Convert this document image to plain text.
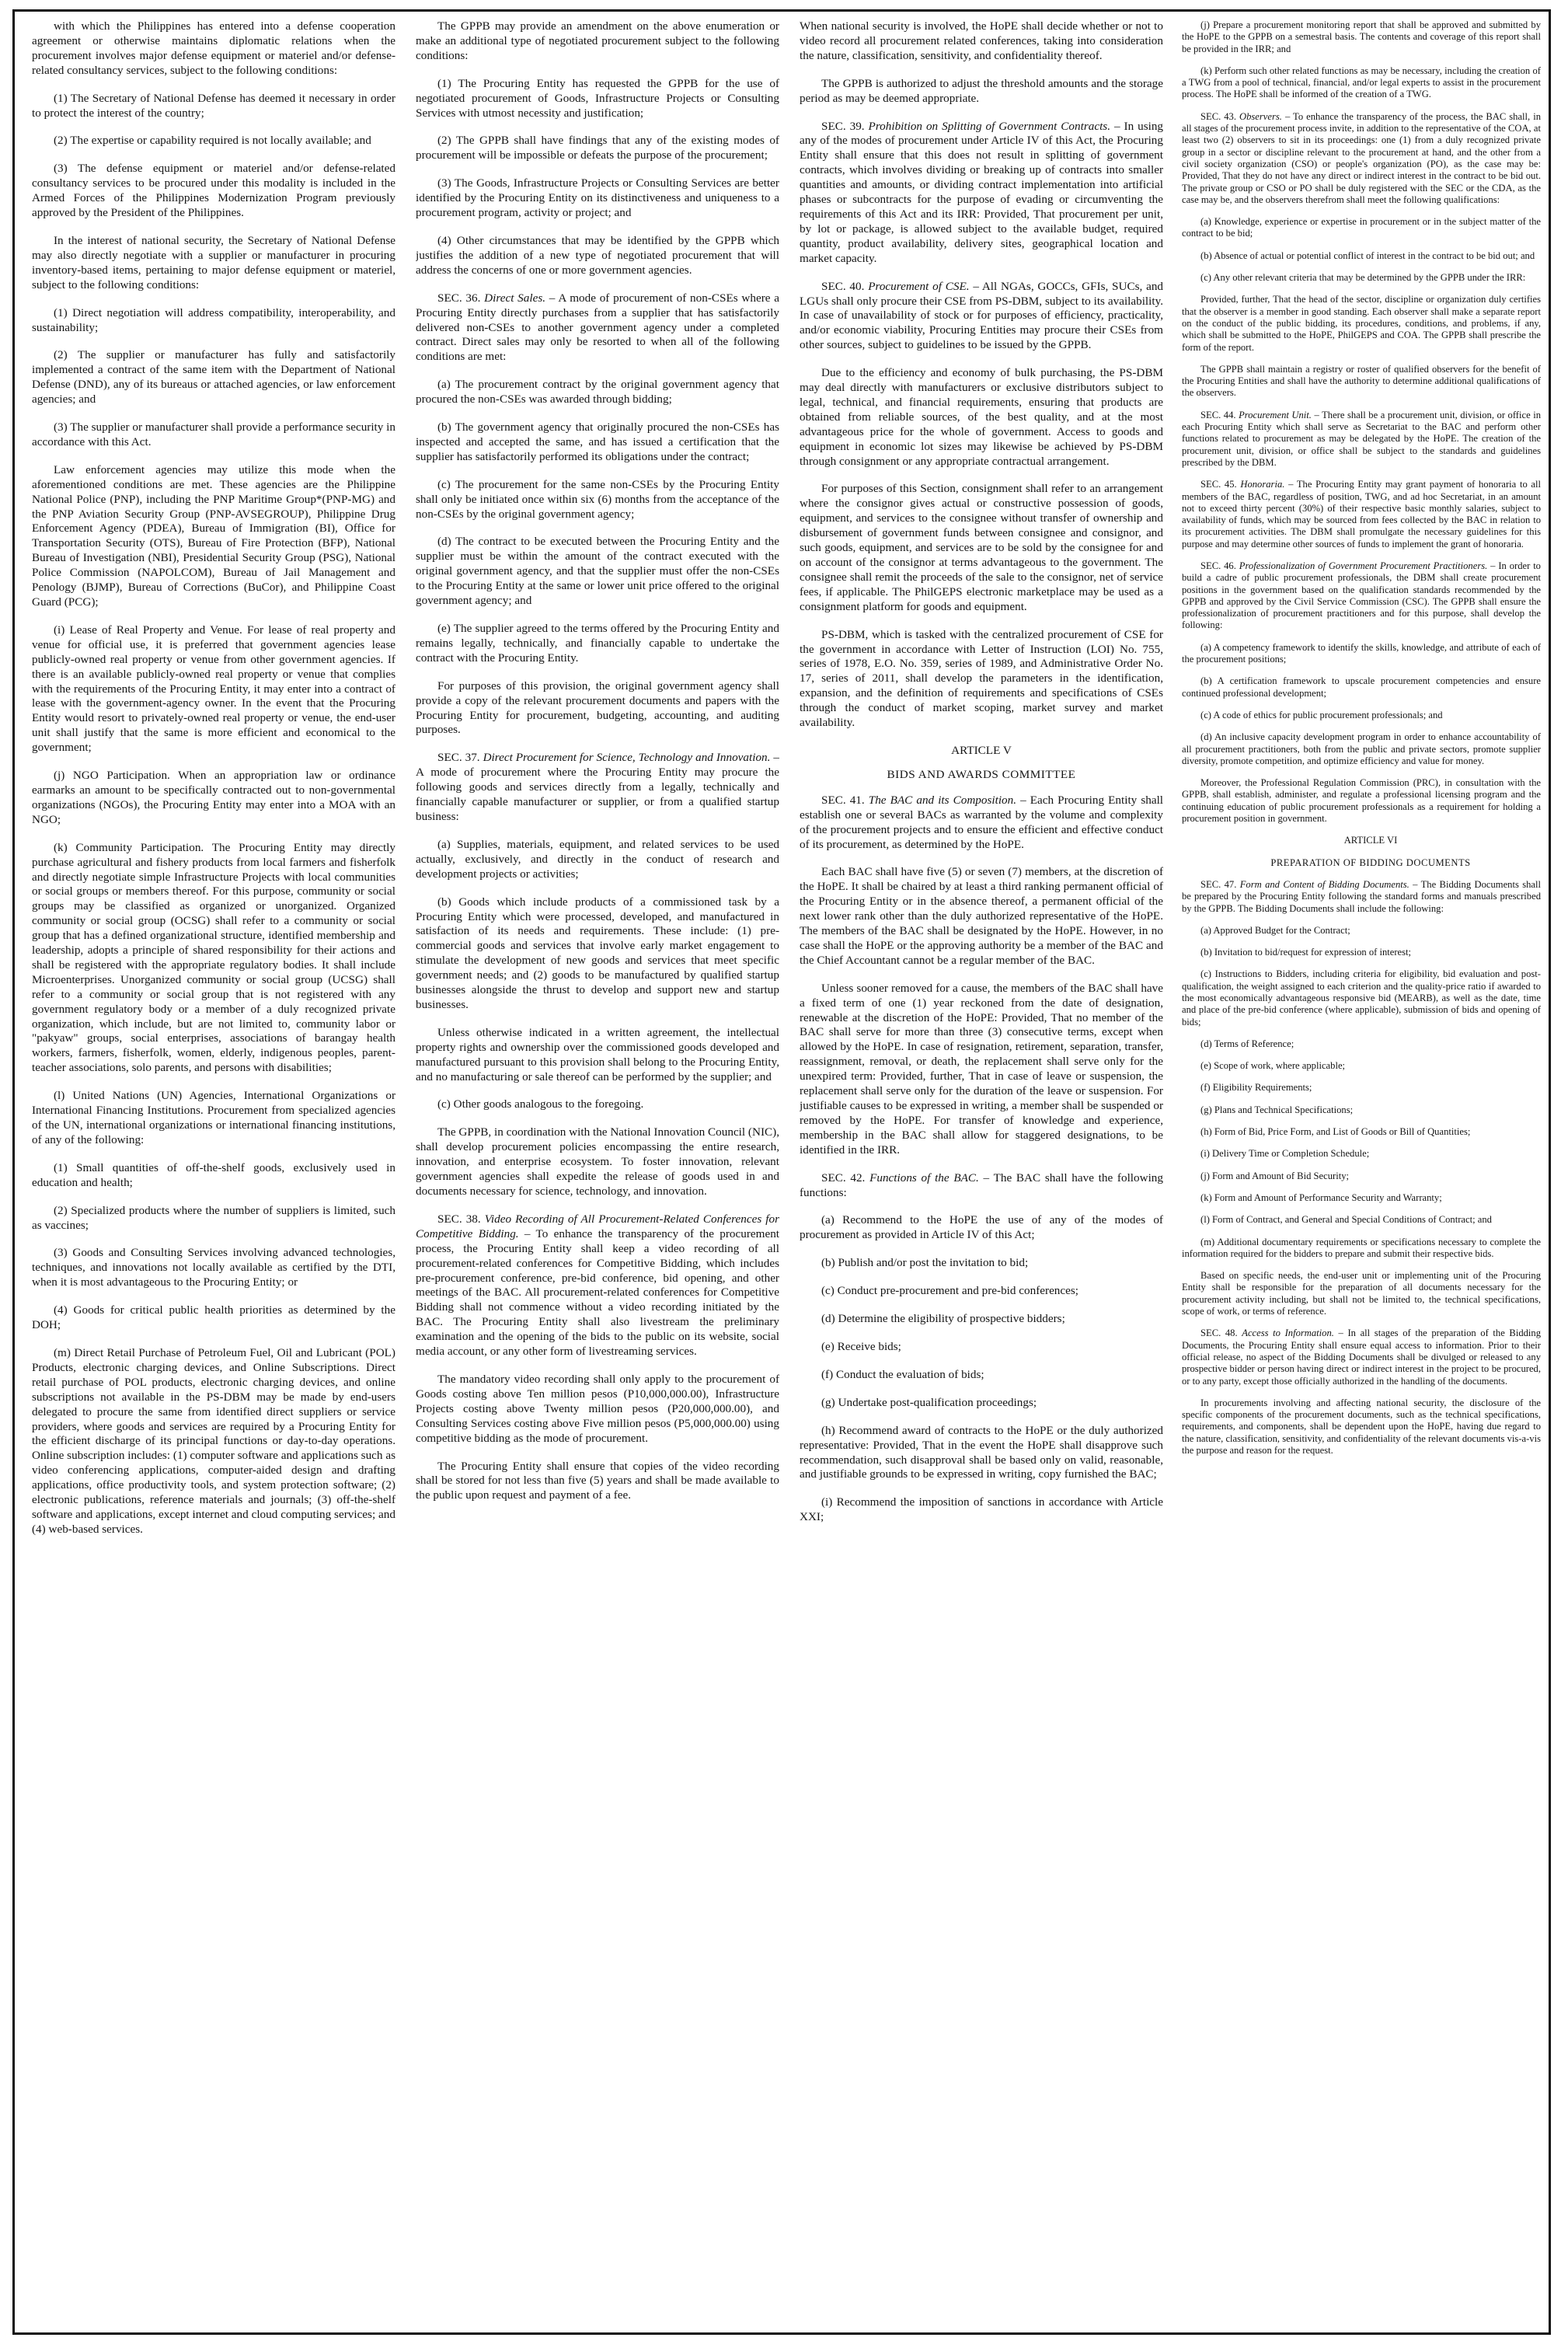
with which the Philippines has entered into a defense cooperation agreement or otherwise maintains diplomatic relations when the procurement involves major defense equipment or materiel and/or defense-related consultancy services, subject to the following conditions:

(1) The Secretary of National Defense has deemed it necessary in order to protect the interest of the country;

(2) The expertise or capability required is not locally available; and

(3) The defense equipment or materiel and/or defense-related consultancy services to be procured under this modality is included in the Armed Forces of the Philippines Modernization Program previously approved by the President of the Philippines.

In the interest of national security, the Secretary of National Defense may also directly negotiate with a supplier or manufacturer in procuring inventory-based items, pertaining to major defense equipment or materiel, subject to the following conditions:

(1) Direct negotiation will address compatibility, interoperability, and sustainability;

(2) The supplier or manufacturer has fully and satisfactorily implemented a contract of the same item with the Department of National Defense (DND), any of its bureaus or attached agencies, or law enforcement agencies; and

(3) The supplier or manufacturer shall provide a performance security in accordance with this Act.

Law enforcement agencies may utilize this mode when the aforementioned conditions are met. These agencies are the Philippine National Police (PNP), including the PNP Maritime Group*(PNP-MG) and the PNP Aviation Security Group (PNP-AVSEGROUP), Philippine Drug Enforcement Agency (PDEA), Bureau of Immigration (BI), Office for Transportation Security (OTS), Bureau of Fire Protection (BFP), National Bureau of Investigation (NBI), Presidential Security Group (PSG), National Police Commission (NAPOLCOM), Bureau of Jail Management and Penology (BJMP), Bureau of Corrections (BuCor), and Philippine Coast Guard (PCG);

(i) Lease of Real Property and Venue. For lease of real property and venue for official use, it is preferred that government agencies lease publicly-owned real property or venue from other government agencies. If there is an available publicly-owned real property or venue that complies with the requirements of the Procuring Entity, it may enter into a contract of lease with the government-agency owner. In the event that the Procuring Entity would resort to privately-owned real property or venue, the end-user unit shall justify that the same is more efficient and economical to the government;

(j) NGO Participation. When an appropriation law or ordinance earmarks an amount to be specifically contracted out to non-governmental organizations (NGOs), the Procuring Entity may enter into a MOA with an NGO;

(k) Community Participation. The Procuring Entity may directly purchase agricultural and fishery products from local farmers and fisherfolk and directly negotiate simple Infrastructure Projects with local communities or social groups or members thereof. For this purpose, community or social groups may be classified as organized or unorganized. Organized community or social group (OCSG) shall refer to a community or social group that has a defined organizational structure, identified membership and leadership, adopts a principle of shared responsibility for their actions and shall be registered with the appropriate regulatory bodies. It shall include Microenterprises. Unorganized community or social group (UCSG) shall refer to a community or social group that is not registered with any government regulatory body or a member of a duly recognized private organization, which include, but are not limited to, community labor or "pakyaw" groups, social enterprises, associations of barangay health workers, farmers, fisherfolk, women, elderly, indigenous peoples, parent-teacher associations, solo parents, and persons with disabilities;

(l) United Nations (UN) Agencies, International Organizations or International Financing Institutions. Procurement from specialized agencies of the UN, international organizations or international financing institutions, of any of the following:

(1) Small quantities of off-the-shelf goods, exclusively used in education and health;

(2) Specialized products where the number of suppliers is limited, such as vaccines;

(3) Goods and Consulting Services involving advanced technologies, techniques, and innovations not locally available as certified by the DTI, when it is most advantageous to the Procuring Entity; or

(4) Goods for critical public health priorities as determined by the DOH;

(m) Direct Retail Purchase of Petroleum Fuel, Oil and Lubricant (POL) Products, electronic charging devices, and Online Subscriptions. Direct retail purchase of POL products, electronic charging devices, and online subscriptions not available in the PS-DBM may be made by end-users delegated to procure the same from identified direct suppliers or service providers, where goods and services are required by a Procuring Entity for the efficient discharge of its principal functions or day-to-day operations. Online subscription includes: (1) computer software and applications such as video conferencing applications, computer-aided design and drafting applications, office productivity tools, and system protection software; (2) electronic publications, reference materials and journals; (3) off-the-shelf software and applications, except internet and cloud computing services; and (4) web-based services.

The GPPB may provide an amendment on the above enumeration or make an additional type of negotiated procurement subject to the following conditions:

(1) The Procuring Entity has requested the GPPB for the use of negotiated procurement of Goods, Infrastructure Projects or Consulting Services with utmost necessity and justification;

(2) The GPPB shall have findings that any of the existing modes of procurement will be impossible or defeats the purpose of the procurement;

(3) The Goods, Infrastructure Projects or Consulting Services are better identified by the Procuring Entity on its distinctiveness and uniqueness to a procurement program, activity or project; and

(4) Other circumstances that may be identified by the GPPB which justifies the addition of a new type of negotiated procurement that will address the concerns of one or more government agencies.

SEC. 36. Direct Sales. – A mode of procurement of non-CSEs where a Procuring Entity directly purchases from a supplier that has satisfactorily delivered non-CSEs to another government agency under a completed contract. Direct sales may only be resorted to when all of the following conditions are met:

(a) The procurement contract by the original government agency that procured the non-CSEs was awarded through bidding;

(b) The government agency that originally procured the non-CSEs has inspected and accepted the same, and has issued a certification that the supplier has satisfactorily performed its obligations under the contract;

(c) The procurement for the same non-CSEs by the Procuring Entity shall only be initiated once within six (6) months from the acceptance of the non-CSEs by the original government agency;

(d) The contract to be executed between the Procuring Entity and the supplier must be within the amount of the contract executed with the original government agency, and that the supplier must offer the non-CSEs to the Procuring Entity at the same or lower unit price offered to the original government agency; and

(e) The supplier agreed to the terms offered by the Procuring Entity and remains legally, technically, and financially capable to undertake the contract with the Procuring Entity.

For purposes of this provision, the original government agency shall provide a copy of the relevant procurement documents and papers with the Procuring Entity for procurement, budgeting, accounting, and auditing purposes.

SEC. 37. Direct Procurement for Science, Technology and Innovation. – A mode of procurement where the Procuring Entity may procure the following goods and services directly from a legally, technically and financially capable manufacturer or supplier, or from a qualified startup business:

(a) Supplies, materials, equipment, and related services to be used actually, exclusively, and directly in the conduct of research and development projects or activities;

(b) Goods which include products of a commissioned task by a Procuring Entity which were processed, developed, and manufactured in satisfaction of its needs and requirements. These include: (1) pre-commercial goods and services that involve early market engagement to stimulate the development of new goods and services that meet specific government needs; and (2) goods to be manufactured by qualified startup businesses alongside the thrust to develop and support new and startup businesses.

Unless otherwise indicated in a written agreement, the intellectual property rights and ownership over the commissioned goods developed and manufactured pursuant to this provision shall belong to the Procuring Entity, and no manufacturing or sale thereof can be performed by the supplier; and

(c) Other goods analogous to the foregoing.

The GPPB, in coordination with the National Innovation Council (NIC), shall develop procurement policies encompassing the entire research, innovation, and enterprise ecosystem. To foster innovation, relevant government agencies shall expedite the release of goods used in and documents necessary for science, technology, and innovation.

SEC. 38. Video Recording of All Procurement-Related Conferences for Competitive Bidding. – To enhance the transparency of the procurement process, the Procuring Entity shall keep a video recording of all procurement-related conferences for Competitive Bidding, which includes pre-procurement conference, pre-bid conference, bid opening, and other meetings of the BAC. All procurement-related conferences for Competitive Bidding shall not commence without a video recording initiated by the BAC. The Procuring Entity shall also livestream the preliminary examination and the opening of the bids to the public on its website, social media account, or any other form of livestreaming services.

The mandatory video recording shall only apply to the procurement of Goods costing above Ten million pesos (P10,000,000.00), Infrastructure Projects costing above Twenty million pesos (P20,000,000.00), and Consulting Services costing above Five million pesos (P5,000,000.00) using competitive bidding as the mode of procurement.

The Procuring Entity shall ensure that copies of the video recording shall be stored for not less than five (5) years and shall be made available to the public upon request and payment of a fee.

When national security is involved, the HoPE shall decide whether or not to video record all procurement related conferences, taking into consideration the nature, classification, sensitivity, and confidentiality thereof.

The GPPB is authorized to adjust the threshold amounts and the storage period as may be deemed appropriate.

SEC. 39. Prohibition on Splitting of Government Contracts. – In using any of the modes of procurement under Article IV of this Act, the Procuring Entity shall ensure that this does not result in splitting of government contracts, which involves dividing or breaking up of contracts into smaller quantities and amounts, or dividing contract implementation into artificial phases or subcontracts for the purpose of evading or circumventing the requirements of this Act and its IRR: Provided, That procurement per unit, by lot or package, is allowed subject to the available budget, required quantity, product availability, delivery sites, geographical location and market capacity.

SEC. 40. Procurement of CSE. – All NGAs, GOCCs, GFIs, SUCs, and LGUs shall only procure their CSE from PS-DBM, subject to its availability. In case of unavailability of stock or for purposes of efficiency, practicality, and/or economic viability, Procuring Entities may procure their CSEs from other sources, subject to guidelines to be issued by the GPPB.

Due to the efficiency and economy of bulk purchasing, the PS-DBM may deal directly with manufacturers or exclusive distributors subject to legal, technical, and financial requirements, ensuring that products are obtained from reliable sources, of the best quality, and at the most advantageous price for the whole of government. Access to goods and equipment in economic lot sizes may likewise be achieved by PS-DBM through consignment or any appropriate contractual arrangement.

For purposes of this Section, consignment shall refer to an arrangement where the consignor gives actual or constructive possession of goods, equipment, and services to the consignee without transfer of ownership and disbursement of government funds between consignee and consignor, and such goods, equipment, and services are to be sold by the consignee for and on account of the consignor at terms advantageous to the government. The consignee shall remit the proceeds of the sale to the consignor, net of service fees, if applicable. The PhilGEPS electronic marketplace may be used as a consignment platform for goods and equipment.

PS-DBM, which is tasked with the centralized procurement of CSE for the government in accordance with Letter of Instruction (LOI) No. 755, series of 1978, E.O. No. 359, series of 1989, and Administrative Order No. 17, series of 2011, shall develop the parameters in the identification, expansion, and the definition of requirements and specifications of CSEs through the conduct of market scoping, market survey and market availability.

ARTICLE V

BIDS AND AWARDS COMMITTEE

SEC. 41. The BAC and its Composition. – Each Procuring Entity shall establish one or several BACs as warranted by the volume and complexity of the procurement projects and to ensure the efficient and effective conduct of its procurement, as determined by the HoPE.

Each BAC shall have five (5) or seven (7) members, at the discretion of the HoPE. It shall be chaired by at least a third ranking permanent official of the Procuring Entity or in the absence thereof, a permanent official of the next lower rank other than the duly authorized representative of the HoPE. The members of the BAC shall be designated by the HoPE. However, in no case shall the HoPE or the approving authority be a member of the BAC and the Chief Accountant cannot be a regular member of the BAC.

Unless sooner removed for a cause, the members of the BAC shall have a fixed term of one (1) year reckoned from the date of designation, renewable at the discretion of the HoPE: Provided, That no member of the BAC shall serve for more than three (3) consecutive terms, except when allowed by the HoPE. In case of resignation, retirement, separation, transfer, reassignment, removal, or death, the replacement shall serve only for the unexpired term: Provided, further, That in case of leave or suspension, the replacement shall serve only for the duration of the leave or suspension. For justifiable causes to be expressed in writing, a member shall be suspended or removed by the HoPE. For transfer of knowledge and experience, membership in the BAC shall allow for staggered designations, to be identified in the IRR.

SEC. 42. Functions of the BAC. – The BAC shall have the following functions:

(a) Recommend to the HoPE the use of any of the modes of procurement as provided in Article IV of this Act;

(b) Publish and/or post the invitation to bid;

(c) Conduct pre-procurement and pre-bid conferences;

(d) Determine the eligibility of prospective bidders;

(e) Receive bids;

(f) Conduct the evaluation of bids;

(g) Undertake post-qualification proceedings;

(h) Recommend award of contracts to the HoPE or the duly authorized representative: Provided, That in the event the HoPE shall disapprove such recommendation, such disapproval shall be based only on valid, reasonable, and justifiable grounds to be expressed in writing, copy furnished the BAC;

(i) Recommend the imposition of sanctions in accordance with Article XXI;

(j) Prepare a procurement monitoring report that shall be approved and submitted by the HoPE to the GPPB on a semestral basis. The contents and coverage of this report shall be provided in the IRR; and

(k) Perform such other related functions as may be necessary, including the creation of a TWG from a pool of technical, financial, and/or legal experts to assist in the procurement process. The HoPE shall be informed of the creation of a TWG.

SEC. 43. Observers. – To enhance the transparency of the process, the BAC shall, in all stages of the procurement process invite, in addition to the representative of the COA, at least two (2) observers to sit in its proceedings: one (1) from a duly recognized private group in a sector or discipline relevant to the procurement at hand, and the other from a civil society organization (CSO) or people's organization (PO), as the case may be: Provided, That they do not have any direct or indirect interest in the contract to be bid out. The private group or CSO or PO shall be duly registered with the SEC or the CDA, as the case may be, and the observers therefrom shall meet the following qualifications:

(a) Knowledge, experience or expertise in procurement or in the subject matter of the contract to be bid;

(b) Absence of actual or potential conflict of interest in the contract to be bid out; and

(c) Any other relevant criteria that may be determined by the GPPB under the IRR:

Provided, further, That the head of the sector, discipline or organization duly certifies that the observer is a member in good standing. Each observer shall make a separate report on the conduct of the public bidding, its procedures, conditions, and problems, if any, which shall be submitted to the HoPE, PhilGEPS and COA. The GPPB shall prescribe the form of the report.

The GPPB shall maintain a registry or roster of qualified observers for the benefit of the Procuring Entities and shall have the authority to determine additional qualifications of the observers.

SEC. 44. Procurement Unit. – There shall be a procurement unit, division, or office in each Procuring Entity which shall serve as Secretariat to the BAC and perform other functions related to procurement as may be delegated by the HoPE. The creation of the procurement unit, division, or office shall be subject to the standards and guidelines prescribed by the DBM.

SEC. 45. Honoraria. – The Procuring Entity may grant payment of honoraria to all members of the BAC, regardless of position, TWG, and ad hoc Secretariat, in an amount not to exceed thirty percent (30%) of their respective basic monthly salaries, subject to availability of funds, which may be sourced from fees collected by the BAC in relation to its procurement activities. The DBM shall promulgate the necessary guidelines for this purpose and may determine other sources of funds to implement the grant of honoraria.

SEC. 46. Professionalization of Government Procurement Practitioners. – In order to build a cadre of public procurement professionals, the DBM shall create procurement positions in the government based on the qualification standards recommended by the GPPB and approved by the Civil Service Commission (CSC). The GPPB shall ensure the professionalization of procurement practitioners and for this purpose, shall develop the following:

(a) A competency framework to identify the skills, knowledge, and attribute of each of the procurement positions;

(b) A certification framework to upscale procurement competencies and ensure continued professional development;

(c) A code of ethics for public procurement professionals; and

(d) An inclusive capacity development program in order to enhance accountability of all procurement practitioners, both from the public and private sectors, promote supplier diversity, promote competition, and optimize efficiency and value for money.

Moreover, the Professional Regulation Commission (PRC), in consultation with the GPPB, shall establish, administer, and regulate a professional licensing program and the continuing education of public procurement professionals as a requirement for holding a procurement position in government.

ARTICLE VI

PREPARATION OF BIDDING DOCUMENTS

SEC. 47. Form and Content of Bidding Documents. – The Bidding Documents shall be prepared by the Procuring Entity following the standard forms and manuals prescribed by the GPPB. The Bidding Documents shall include the following:

(a) Approved Budget for the Contract;

(b) Invitation to bid/request for expression of interest;

(c) Instructions to Bidders, including criteria for eligibility, bid evaluation and post-qualification, the weight assigned to each criterion and the quality-price ratio if awarded to the most economically advantageous responsive bid (MEARB), as well as the date, time and place of the pre-bid conference (where applicable), submission of bids and opening of bids;

(d) Terms of Reference;

(e) Scope of work, where applicable;

(f) Eligibility Requirements;

(g) Plans and Technical Specifications;

(h) Form of Bid, Price Form, and List of Goods or Bill of Quantities;

(i) Delivery Time or Completion Schedule;

(j) Form and Amount of Bid Security;

(k) Form and Amount of Performance Security and Warranty;

(l) Form of Contract, and General and Special Conditions of Contract; and

(m) Additional documentary requirements or specifications necessary to complete the information required for the bidders to prepare and submit their respective bids.

Based on specific needs, the end-user unit or implementing unit of the Procuring Entity shall be responsible for the preparation of all documents necessary for the procurement activity including, but shall not be limited to, the technical specifications, scope of work, or terms of reference.

SEC. 48. Access to Information. – In all stages of the preparation of the Bidding Documents, the Procuring Entity shall ensure equal access to information. Prior to their official release, no aspect of the Bidding Documents shall be divulged or released to any prospective bidder or person having direct or indirect interest in the project to be procured, or to any party, except those officially authorized in the handling of the documents.

In procurements involving and affecting national security, the disclosure of the specific components of the procurement documents, such as the technical specifications, requirements, and components, shall be dependent upon the HoPE, having due regard to the nature, classification, sensitivity, and confidentiality of the relevant documents vis-a-vis the purpose and reason for the request.
